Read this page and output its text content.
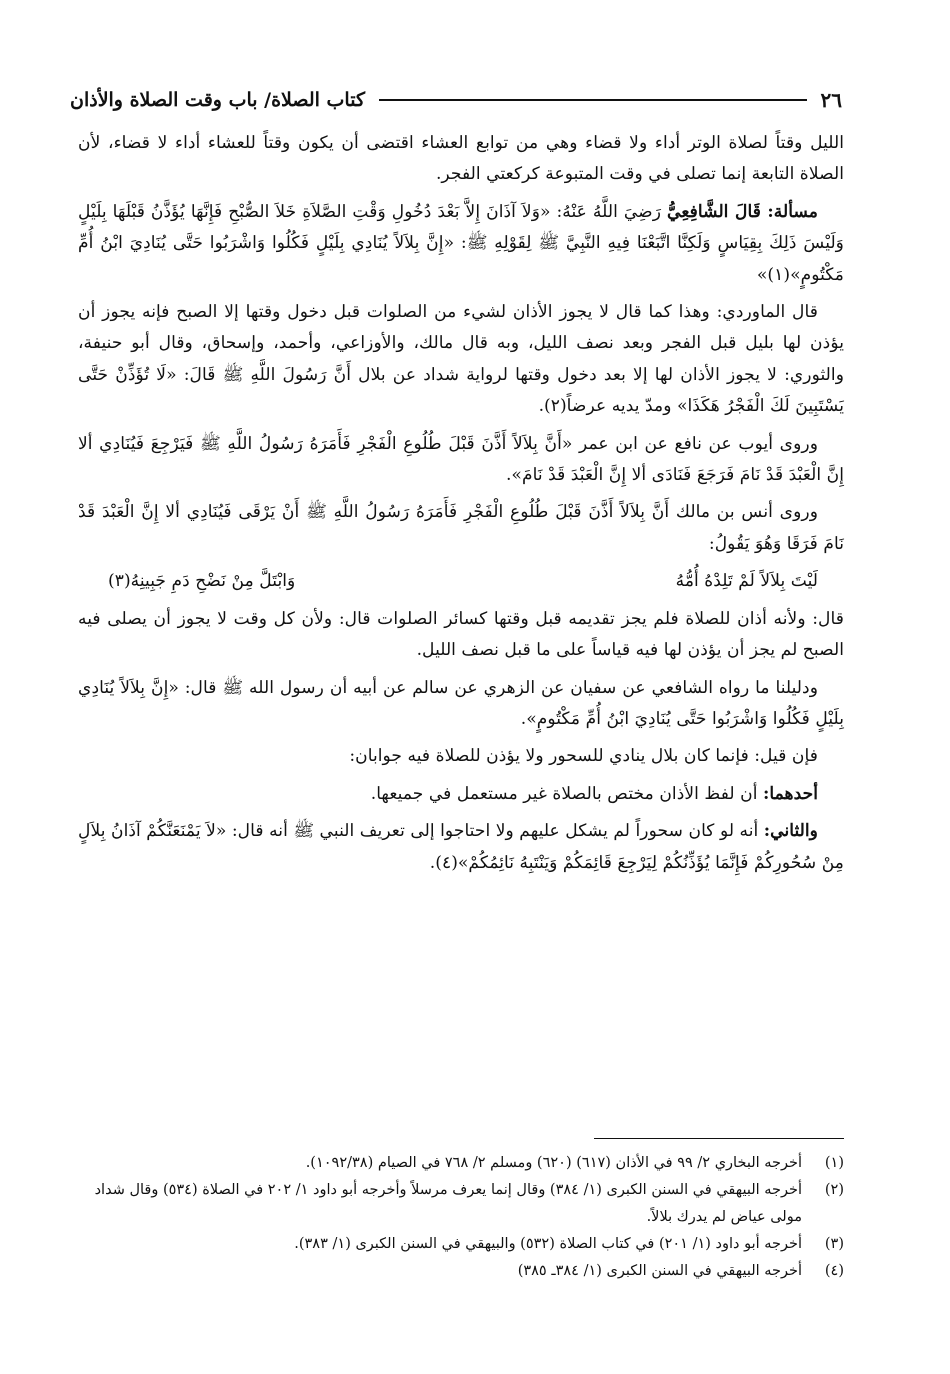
٢٦
كتاب الصلاة/ باب وقت الصلاة والأذان

الليل وقتاً لصلاة الوتر أداء ولا قضاء وهي من توابع العشاء اقتضى أن يكون وقتاً للعشاء أداء لا قضاء، لأن الصلاة التابعة إنما تصلى في وقت المتبوعة كركعتي الفجر.

مسألة: قَالَ الشَّافِعِيُّ رَضِيَ اللَّهُ عَنْهُ: «وَلاَ آذَانَ إِلاَّ بَعْدَ دُخُولِ وَقْتِ الصَّلاَةِ خَلاَ الصُّبْحِ فَإِنَّهَا يُؤَذَّنُ قَبْلَهَا بِلَيْلٍ وَلَيْسَ ذَلِكَ بِقِيَاسٍ وَلَكِنَّا اتَّبَعْنَا فِيهِ النَّبِيَّ ﷺ لِقَوْلِهِ ﷺ: «إِنَّ بِلاَلاً يُنَادِي بِلَيْلٍ فَكُلُوا وَاشْرَبُوا حَتَّى يُنَادِيَ ابْنُ أُمِّ مَكْتُومٍ»(١)»

قال الماوردي: وهذا كما قال لا يجوز الأذان لشيء من الصلوات قبل دخول وقتها إلا الصبح فإنه يجوز أن يؤذن لها بليل قبل الفجر وبعد نصف الليل، وبه قال مالك، والأوزاعي، وأحمد، وإسحاق، وقال أبو حنيفة، والثوري: لا يجوز الأذان لها إلا بعد دخول وقتها لرواية شداد عن بلال أَنَّ رَسُولَ اللَّهِ ﷺ قَالَ: «لَا تُؤَذِّنْ حَتَّى يَسْتَبِينَ لَكَ الْفَجْرُ هَكَذَا» ومدّ يديه عرضاً(٢).

وروى أيوب عن نافع عن ابن عمر «أَنَّ بِلاَلاً أَذَّنَ قَبْلَ طُلُوعِ الْفَجْرِ فَأَمَرَهُ رَسُولُ اللَّهِ ﷺ فَيَرْجِعَ فَيُنَادِي ألا إِنَّ الْعَبْدَ قَدْ نَامَ فَرَجَعَ فَنَادَى ألا إِنَّ الْعَبْدَ قَدْ نَامَ».

وروى أنس بن مالك أَنَّ بِلاَلاً أَذَّنَ قَبْلَ طُلُوعِ الْفَجْرِ فَأَمَرَهُ رَسُولُ اللَّهِ ﷺ أَنْ يَرْقَى فَيُنَادِي ألا إِنَّ الْعَبْدَ قَدْ نَامَ فَرَقَا وَهُوَ يَقُولُ:

لَيْتَ بِلاَلاً لَمْ تَلِدْهُ أُمُّهُ
وَابْتَلَّ مِنْ نَضْحِ دَمِ جَبِينِهُ(٣)

قال: ولأنه أذان للصلاة فلم يجز تقديمه قبل وقتها كسائر الصلوات قال: ولأن كل وقت لا يجوز أن يصلى فيه الصبح لم يجز أن يؤذن لها فيه قياساً على ما قبل نصف الليل.

ودليلنا ما رواه الشافعي عن سفيان عن الزهري عن سالم عن أبيه أن رسول الله ﷺ قال: «إِنَّ بِلاَلاً يُنَادِي بِلَيْلٍ فَكُلُوا وَاشْرَبُوا حَتَّى يُنَادِيَ ابْنُ أُمِّ مَكْتُومٍ».

فإن قيل: فإنما كان بلال ينادي للسحور ولا يؤذن للصلاة فيه جوابان:

أحدهما: أن لفظ الأذان مختص بالصلاة غير مستعمل في جميعها.

والثاني: أنه لو كان سحوراً لم يشكل عليهم ولا احتاجوا إلى تعريف النبي ﷺ أنه قال: «لاَ يَمْنَعَنَّكُمْ آذَانُ بِلاَلٍ مِنْ سُحُورِكُمْ فَإِنَّمَا يُؤَذِّنُكُمْ لِيَرْجِعَ قَائِمَكُمْ وَيَنْتَبِهُ نَائِمُكُمْ»(٤).

(١)
أخرجه البخاري ٢/ ٩٩ في الأذان (٦١٧) (٦٢٠) ومسلم ٢/ ٧٦٨ في الصيام (١٠٩٢/٣٨).
(٢)
أخرجه البيهقي في السنن الكبرى (١/ ٣٨٤) وقال إنما يعرف مرسلاً وأخرجه أبو داود ١/ ٢٠٢ في الصلاة (٥٣٤) وقال شداد مولى عياض لم يدرك بلالاً.
(٣)
أخرجه أبو داود (١/ ٢٠١) في كتاب الصلاة (٥٣٢) والبيهقي في السنن الكبرى (١/ ٣٨٣).
(٤)
أخرجه البيهقي في السنن الكبرى (١/ ٣٨٤ـ ٣٨٥)
